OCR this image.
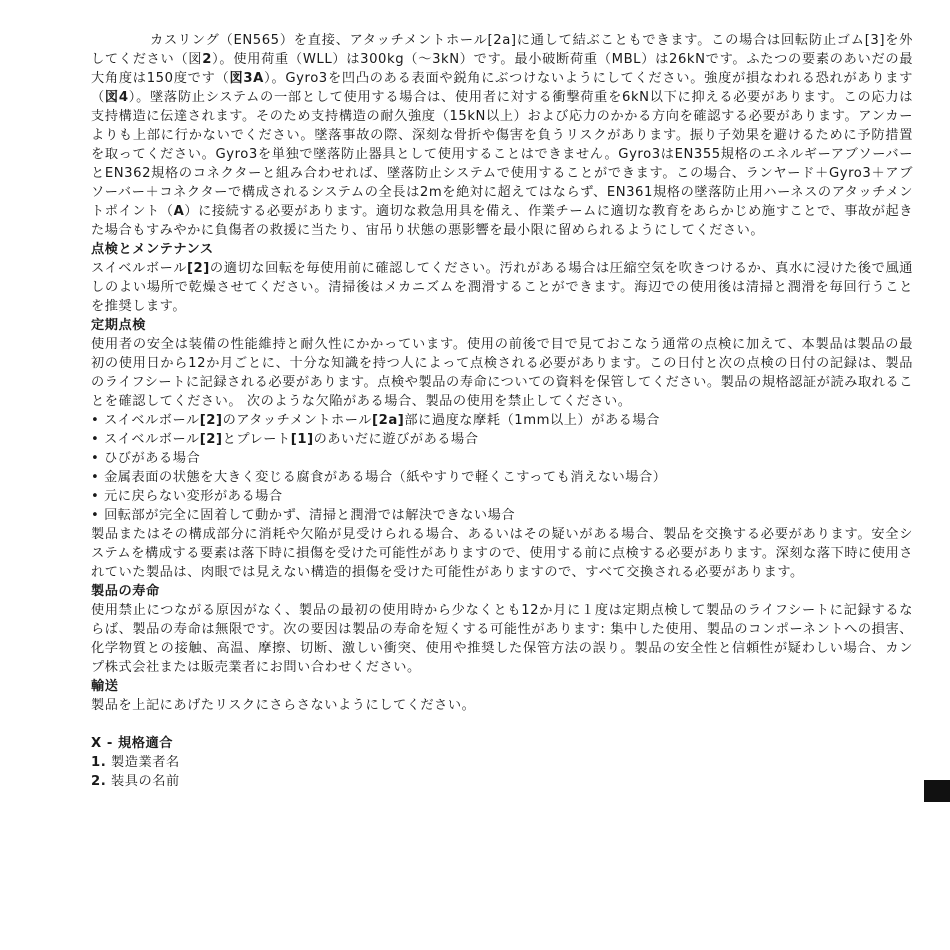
カスリング（EN565）を直接、アタッチメントホール[2a]に通して結ぶこともできます。この場合は回転防止ゴム[3]を外してください（図2）。使用荷重（WLL）は300kg（〜3kN）です。最小破断荷重（MBL）は26kNです。ふたつの要素のあいだの最大角度は150度です（図3A）。Gyro3を凹凸のある表面や鋭角にぶつけないようにしてください。強度が損なわれる恐れがあります（図4）。墜落防止システムの一部として使用する場合は、使用者に対する衝撃荷重を6kN以下に抑える必要があります。この応力は支持構造に伝達されます。そのため支持構造の耐久強度（15kN以上）および応力のかかる方向を確認する必要があります。アンカーよりも上部に行かないでください。墜落事故の際、深刻な骨折や傷害を負うリスクがあります。振り子効果を避けるために予防措置を取ってください。Gyro3を単独で墜落防止器具として使用することはできません。Gyro3はEN355規格のエネルギーアブソーバーとEN362規格のコネクターと組み合わせれば、墜落防止システムで使用することができます。この場合、ランヤード＋Gyro3＋アブソーバー＋コネクターで構成されるシステムの全長は2mを絶対に超えてはならず、EN361規格の墜落防止用ハーネスのアタッチメントポイント（A）に接続する必要があります。適切な救急用具を備え、作業チームに適切な教育をあらかじめ施すことで、事故が起きた場合もすみやかに負傷者の救援に当たり、宙吊り状態の悪影響を最小限に留められるようにしてください。

点検とメンテナンス

スイベルボール[2]の適切な回転を毎使用前に確認してください。汚れがある場合は圧縮空気を吹きつけるか、真水に浸けた後で風通しのよい場所で乾燥させてください。清掃後はメカニズムを潤滑することができます。海辺での使用後は清掃と潤滑を毎回行うことを推奨します。

定期点検

使用者の安全は装備の性能維持と耐久性にかかっています。使用の前後で目で見ておこなう通常の点検に加えて、本製品は製品の最初の使用日から12か月ごとに、十分な知識を持つ人によって点検される必要があります。この日付と次の点検の日付の記録は、製品のライフシートに記録される必要があります。点検や製品の寿命についての資料を保管してください。製品の規格認証が読み取れることを確認してください。 次のような欠陥がある場合、製品の使用を禁止してください。

• スイベルボール[2]のアタッチメントホール[2a]部に過度な摩耗（1mm以上）がある場合

• スイベルボール[2]とプレート[1]のあいだに遊びがある場合

• ひびがある場合

• 金属表面の状態を大きく変じる腐食がある場合（紙やすりで軽くこすっても消えない場合）

• 元に戻らない変形がある場合

• 回転部が完全に固着して動かず、清掃と潤滑では解決できない場合

製品またはその構成部分に消耗や欠陥が見受けられる場合、あるいはその疑いがある場合、製品を交換する必要があります。安全システムを構成する要素は落下時に損傷を受けた可能性がありますので、使用する前に点検する必要があります。深刻な落下時に使用されていた製品は、肉眼では見えない構造的損傷を受けた可能性がありますので、すべて交換される必要があります。

製品の寿命

使用禁止につながる原因がなく、製品の最初の使用時から少なくとも12か月に１度は定期点検して製品のライフシートに記録するならば、製品の寿命は無限です。次の要因は製品の寿命を短くする可能性があります: 集中した使用、製品のコンポーネントへの損害、化学物質との接触、高温、摩擦、切断、激しい衝突、使用や推奨した保管方法の誤り。製品の安全性と信頼性が疑わしい場合、カンプ株式会社または販売業者にお問い合わせください。

輸送

製品を上記にあげたリスクにさらさないようにしてください。

X - 規格適合

1. 製造業者名

2. 装具の名前
